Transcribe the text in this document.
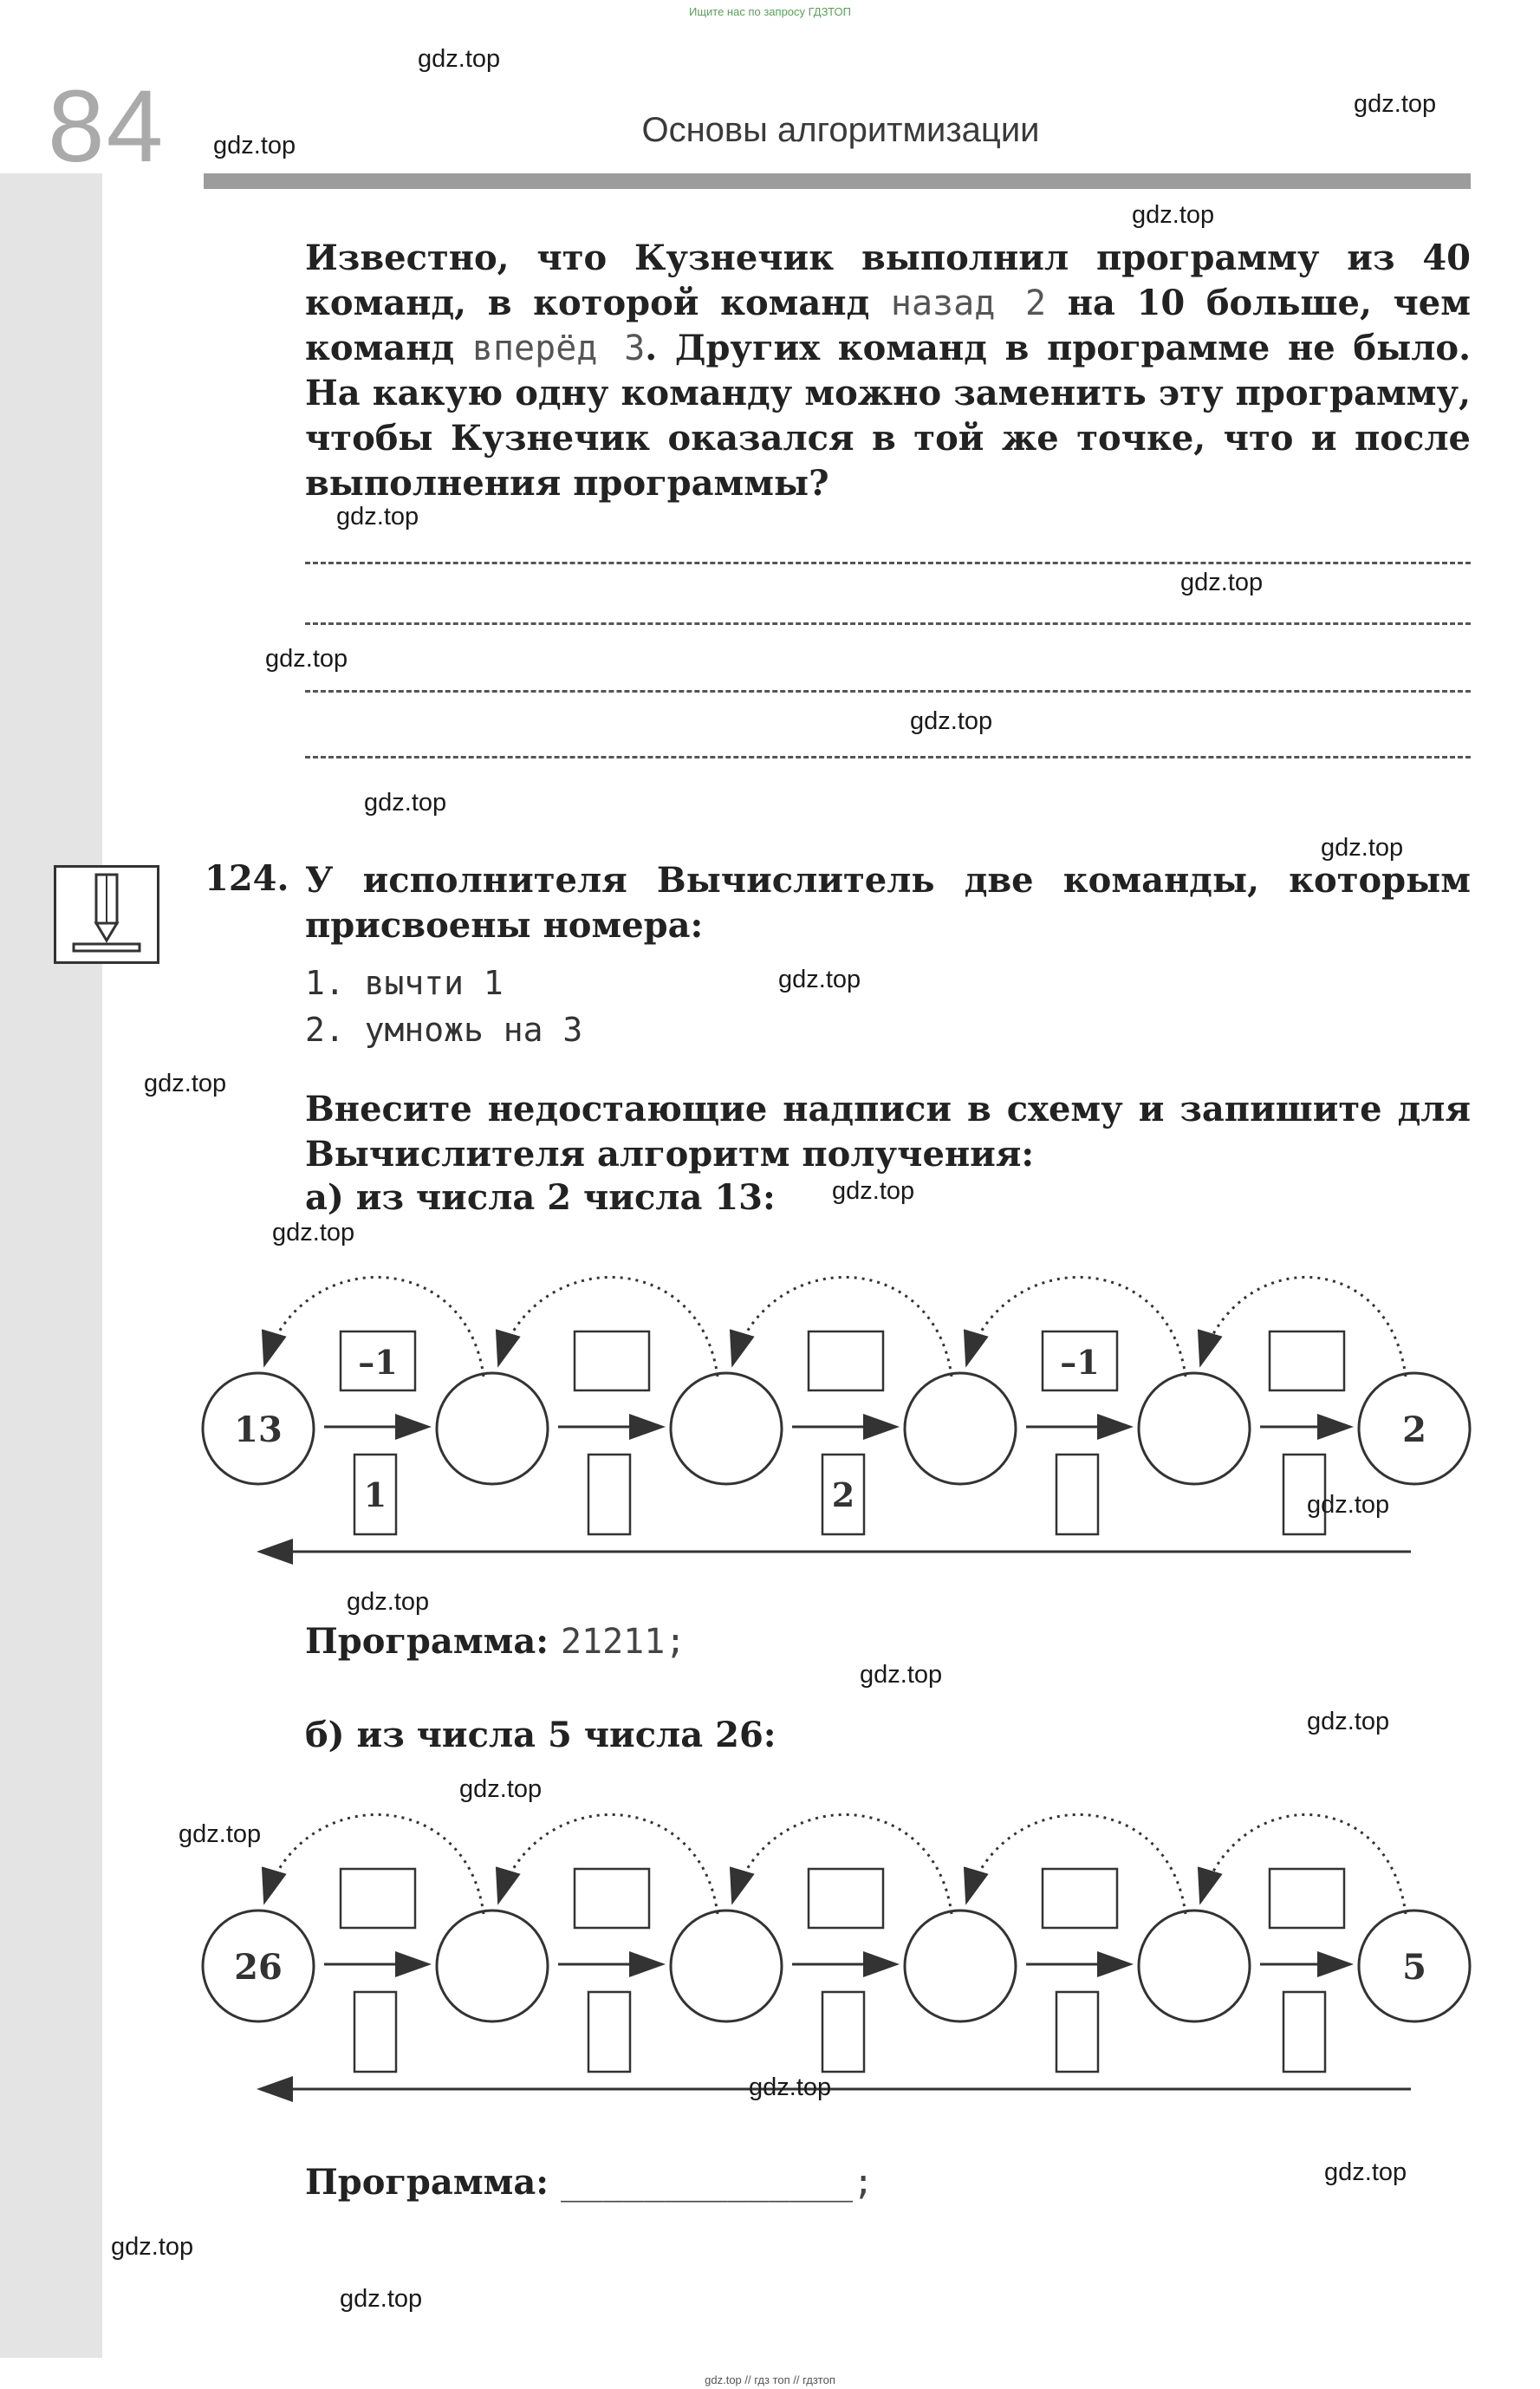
Ищите нас по запросу ГДЗТОП
84	Основы алгоритмизации
Известно, что Кузнечик выполнил программу из 40 команд, в которой команд назад 2 на 10 больше, чем команд вперёд 3. Других команд в программе не было. На какую одну команду можно заменить эту программу, чтобы Кузнечик оказался в той же точке, что и после выполнения программы?
124. У исполнителя Вычислитель две команды, которым присвоены номера:
1. вычти 1
2. умножь на 3
Внесите недостающие надписи в схему и запишите для Вычислителя алгоритм получения:
а) из числа 2 числа 13:
13	2
–1
1	2
–1
Программа: 21211;
б) из числа 5 числа 26:
26	5
Программа: ______________;
gdz.top
gdz.top
gdz.top
gdz.top
gdz.top
gdz.top
gdz.top
gdz.top
gdz.top
gdz.top
gdz.top
gdz.top
gdz.top
gdz.top
gdz.top
gdz.top
gdz.top
gdz.top
gdz.top
gdz.top
gdz.top
gdz.top
gdz.top
gdz.top
gdz.top // гдз топ // гдзтоп
